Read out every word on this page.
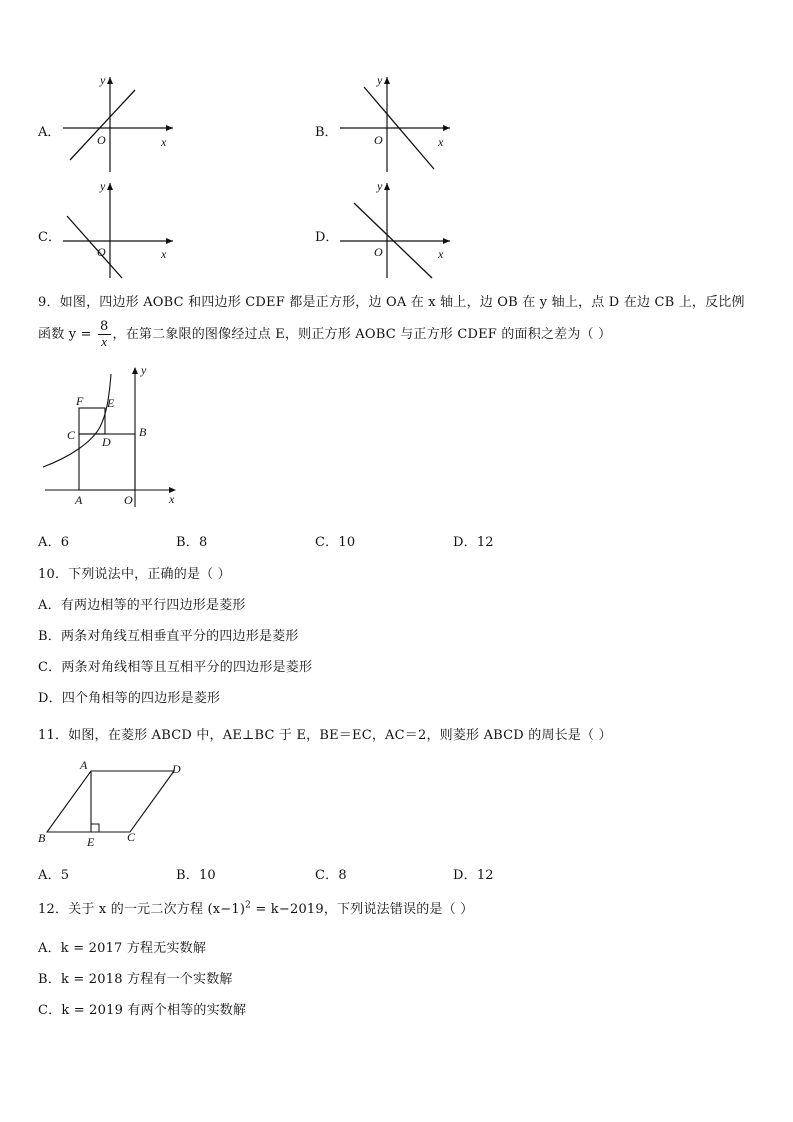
A．
y
O	x
B．
y
O	x
C．
y
O	x
D．
y
O	x
9．如图，四边形 AOBC 和四边形 CDEF 都是正方形，边 OA 在 x 轴上，边 OB 在 y 轴上，点 D 在边 CB 上，反比例
函数 $y = \frac{8}{x}$ ，在第二象限的图像经过点 E，则正方形 AOBC 与正方形 CDEF 的面积之差为（ ）
F E
C D
B
A	O	x
y
A．6	B．8	C．10	D．12
10．下列说法中，正确的是（ ）
A．有两边相等的平行四边形是菱形
B．两条对角线互相垂直平分的四边形是菱形
C．两条对角线相等且互相平分的四边形是菱形
D．四个角相等的四边形是菱形
11．如图，在菱形 ABCD 中，AE⊥BC 于 E，BE＝EC，AC＝2，则菱形 ABCD 的周长是（ ）
A	D
B	E	C
A．5	B．10	C．8	D．12
12．关于 x 的一元二次方程 $(x-1)^2 = k-2019$，下列说法错误的是（ ）
A．k = 2017 方程无实数解
B．k = 2018 方程有一个实数解
C．k = 2019 有两个相等的实数解
